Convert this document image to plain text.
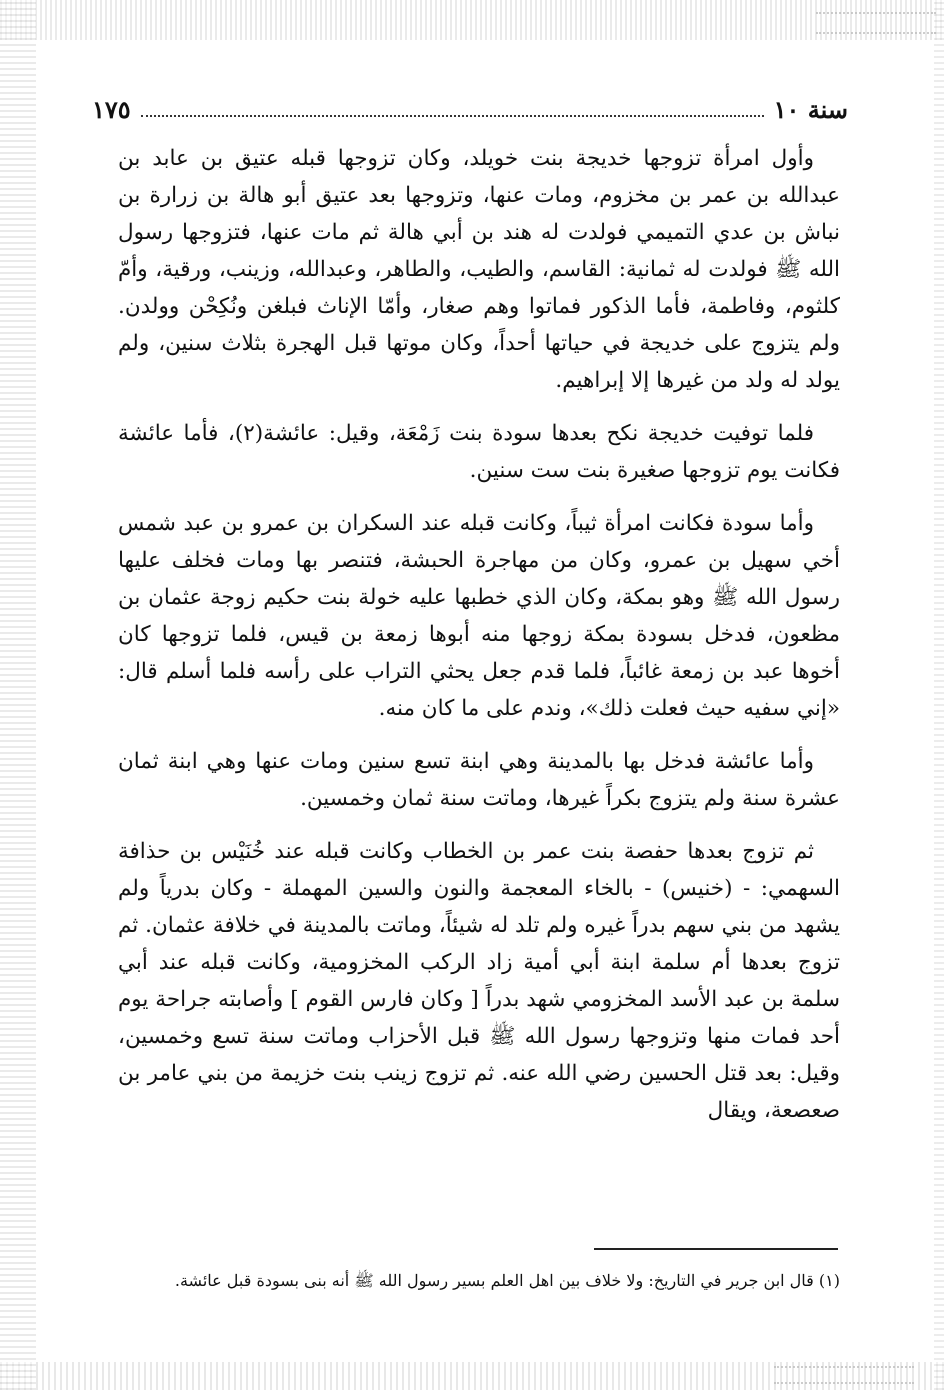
سنة ١٠
١٧٥

وأول امرأة تزوجها خديجة بنت خويلد، وكان تزوجها قبله عتيق بن عابد بن عبدالله بن عمر بن مخزوم، ومات عنها، وتزوجها بعد عتيق أبو هالة بن زرارة بن نباش بن عدي التميمي فولدت له هند بن أبي هالة ثم مات عنها، فتزوجها رسول الله ﷺ فولدت له ثمانية: القاسم، والطيب، والطاهر، وعبدالله، وزينب، ورقية، وأمّ كلثوم، وفاطمة، فأما الذكور فماتوا وهم صغار، وأمّا الإناث فبلغن ونُكِحْن وولدن. ولم يتزوج على خديجة في حياتها أحداً، وكان موتها قبل الهجرة بثلاث سنين، ولم يولد له ولد من غيرها إلا إبراهيم.

فلما توفيت خديجة نكح بعدها سودة بنت زَمْعَة، وقيل: عائشة(٢)، فأما عائشة فكانت يوم تزوجها صغيرة بنت ست سنين.

وأما سودة فكانت امرأة ثيباً، وكانت قبله عند السكران بن عمرو بن عبد شمس أخي سهيل بن عمرو، وكان من مهاجرة الحبشة، فتنصر بها ومات فخلف عليها رسول الله ﷺ وهو بمكة، وكان الذي خطبها عليه خولة بنت حكيم زوجة عثمان بن مظعون، فدخل بسودة بمكة زوجها منه أبوها زمعة بن قيس، فلما تزوجها كان أخوها عبد بن زمعة غائباً، فلما قدم جعل يحثي التراب على رأسه فلما أسلم قال: «إني سفيه حيث فعلت ذلك»، وندم على ما كان منه.

وأما عائشة فدخل بها بالمدينة وهي ابنة تسع سنين ومات عنها وهي ابنة ثمان عشرة سنة ولم يتزوج بكراً غيرها، وماتت سنة ثمان وخمسين.

ثم تزوج بعدها حفصة بنت عمر بن الخطاب وكانت قبله عند خُنَيْس بن حذافة السهمي: - (خنيس) - بالخاء المعجمة والنون والسين المهملة - وكان بدرياً ولم يشهد من بني سهم بدراً غيره ولم تلد له شيئاً، وماتت بالمدينة في خلافة عثمان. ثم تزوج بعدها أم سلمة ابنة أبي أمية زاد الركب المخزومية، وكانت قبله عند أبي سلمة بن عبد الأسد المخزومي شهد بدراً [ وكان فارس القوم ] وأصابته جراحة يوم أحد فمات منها وتزوجها رسول الله ﷺ قبل الأحزاب وماتت سنة تسع وخمسين، وقيل: بعد قتل الحسين رضي الله عنه. ثم تزوج زينب بنت خزيمة من بني عامر بن صعصعة، ويقال

(١) قال ابن جرير في التاريخ: ولا خلاف بين اهل العلم بسير رسول الله ﷺ أنه بنى بسودة قبل عائشة.
